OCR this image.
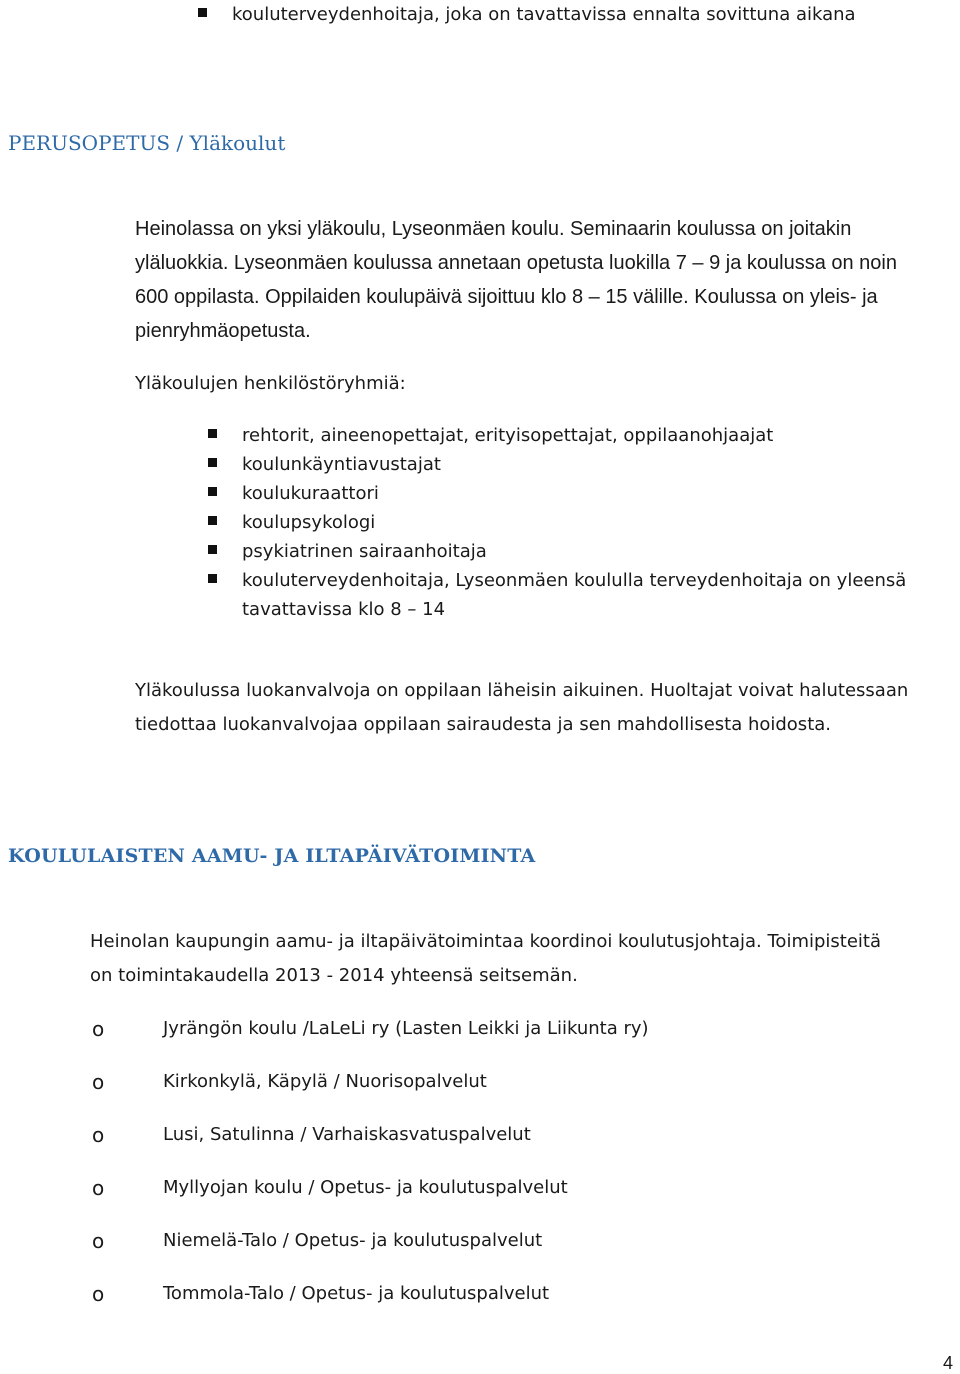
kouluterveydenhoitaja, joka on tavattavissa ennalta sovittuna aikana
PERUSOPETUS / Yläkoulut

Heinolassa on yksi yläkoulu, Lyseonmäen koulu. Seminaarin koulussa on joitakin
yläluokkia. Lyseonmäen koulussa annetaan opetusta luokilla 7 – 9 ja koulussa on noin
600 oppilasta. Oppilaiden koulupäivä sijoittuu klo 8 – 15 välille. Koulussa on yleis- ja
pienryhmäopetusta.

Yläkoulujen henkilöstöryhmiä:

rehtorit, aineenopettajat, erityisopettajat, oppilaanohjaajat
koulunkäyntiavustajat
koulukuraattori
koulupsykologi
psykiatrinen sairaanhoitaja
kouluterveydenhoitaja, Lyseonmäen koululla terveydenhoitaja on yleensä
tavattavissa klo 8 – 14

Yläkoulussa luokanvalvoja on oppilaan läheisin aikuinen. Huoltajat voivat halutessaan
tiedottaa luokanvalvojaa oppilaan sairaudesta ja sen mahdollisesta hoidosta.

KOULULAISTEN AAMU- JA ILTAPÄIVÄTOIMINTA

Heinolan kaupungin aamu- ja iltapäivätoimintaa koordinoi koulutusjohtaja. Toimipisteitä
on toimintakaudella 2013 - 2014 yhteensä seitsemän.

o	Jyrängön koulu /LaLeLi ry (Lasten Leikki ja Liikunta ry)
o	Kirkonkylä, Käpylä / Nuorisopalvelut
o	Lusi, Satulinna / Varhaiskasvatuspalvelut
o	Myllyojan koulu / Opetus- ja koulutuspalvelut
o	Niemelä-Talo / Opetus- ja koulutuspalvelut
o	Tommola-Talo / Opetus- ja koulutuspalvelut
4
